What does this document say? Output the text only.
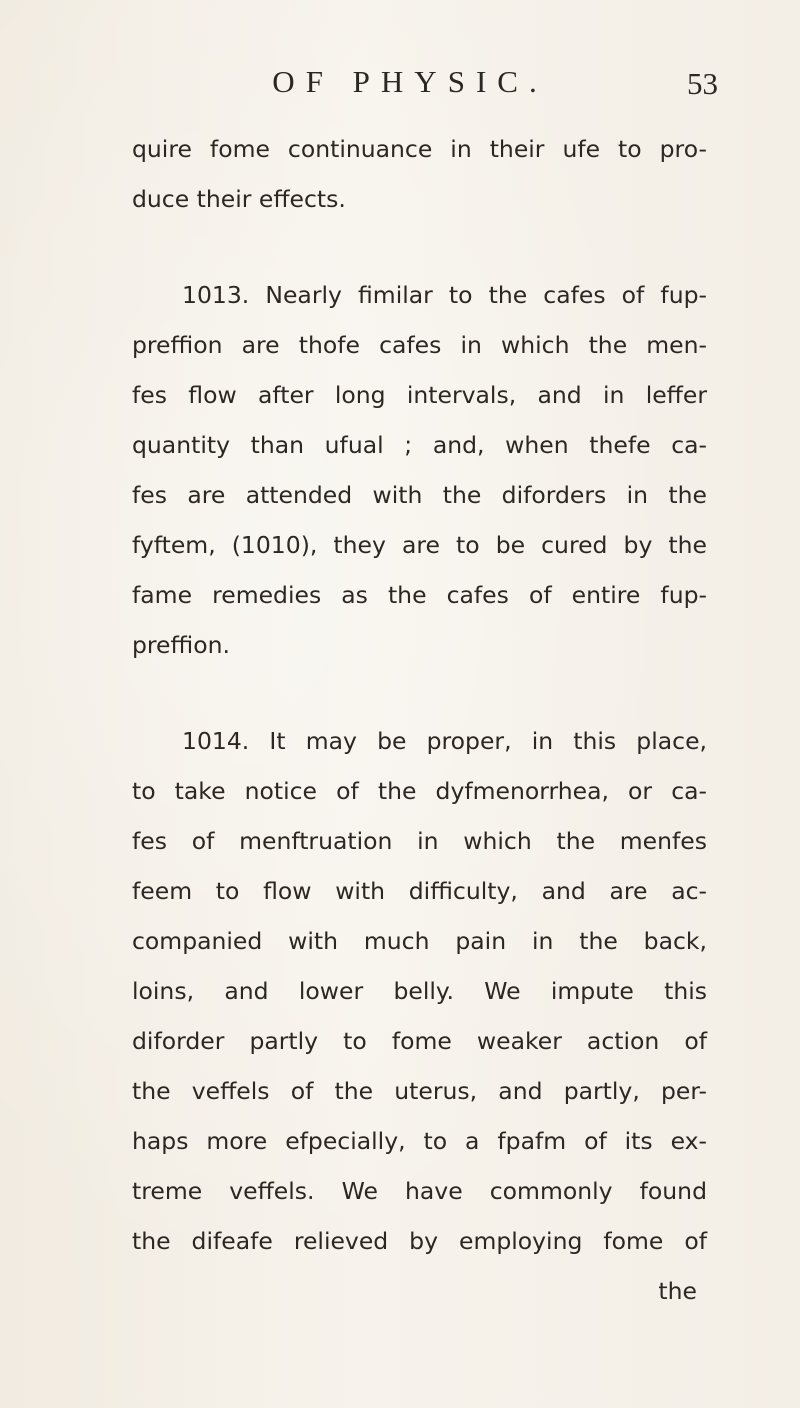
OF PHYSIC.	53
quire fome continuance in their ufe to pro-
duce their effects.
1013. Nearly fimilar to the cafes of fup-
preffion are thofe cafes in which the men-
fes flow after long intervals, and in leffer
quantity than ufual ; and, when thefe ca-
fes are attended with the diforders in the
fyftem, (1010), they are to be cured by the
fame remedies as the cafes of entire fup-
preffion.
1014. It may be proper, in this place,
to take notice of the dyfmenorrhea, or ca-
fes of menftruation in which the menfes
feem to flow with difficulty, and are ac-
companied with much pain in the back,
loins, and lower belly. We impute this
diforder partly to fome weaker action of
the veffels of the uterus, and partly, per-
haps more efpecially, to a fpafm of its ex-
treme veffels. We have commonly found
the difeafe relieved by employing fome of
the
